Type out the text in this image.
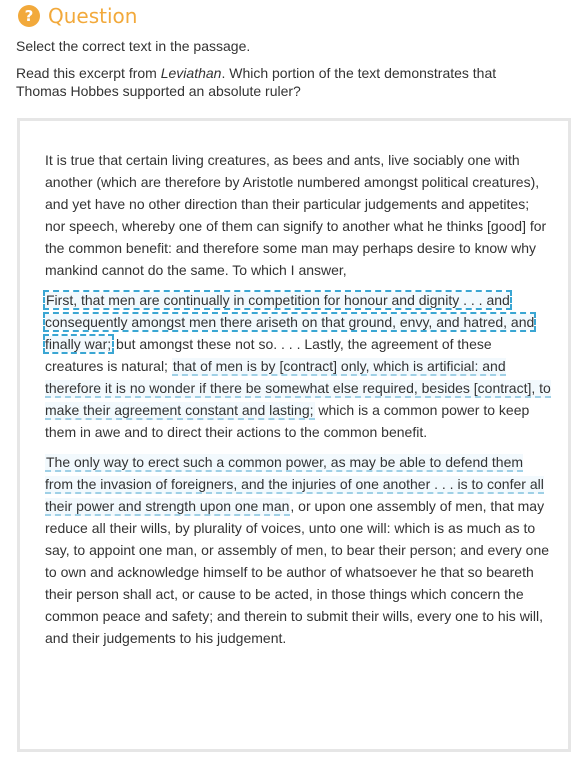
? Question
Select the correct text in the passage.
Read this excerpt from Leviathan. Which portion of the text demonstrates that Thomas Hobbes supported an absolute ruler?

It is true that certain living creatures, as bees and ants, live sociably one with another (which are therefore by Aristotle numbered amongst political creatures), and yet have no other direction than their particular judgements and appetites; nor speech, whereby one of them can signify to another what he thinks [good] for the common benefit: and therefore some man may perhaps desire to know why mankind cannot do the same. To which I answer,

First, that men are continually in competition for honour and dignity . . . and consequently amongst men there ariseth on that ground, envy, and hatred, and finally war; but amongst these not so. . . . Lastly, the agreement of these creatures is natural; that of men is by [contract] only, which is artificial: and therefore it is no wonder if there be somewhat else required, besides [contract], to make their agreement constant and lasting; which is a common power to keep them in awe and to direct their actions to the common benefit.

The only way to erect such a common power, as may be able to defend them from the invasion of foreigners, and the injuries of one another . . . is to confer all their power and strength upon one man, or upon one assembly of men, that may reduce all their wills, by plurality of voices, unto one will: which is as much as to say, to appoint one man, or assembly of men, to bear their person; and every one to own and acknowledge himself to be author of whatsoever he that so beareth their person shall act, or cause to be acted, in those things which concern the common peace and safety; and therein to submit their wills, every one to his will, and their judgements to his judgement.
